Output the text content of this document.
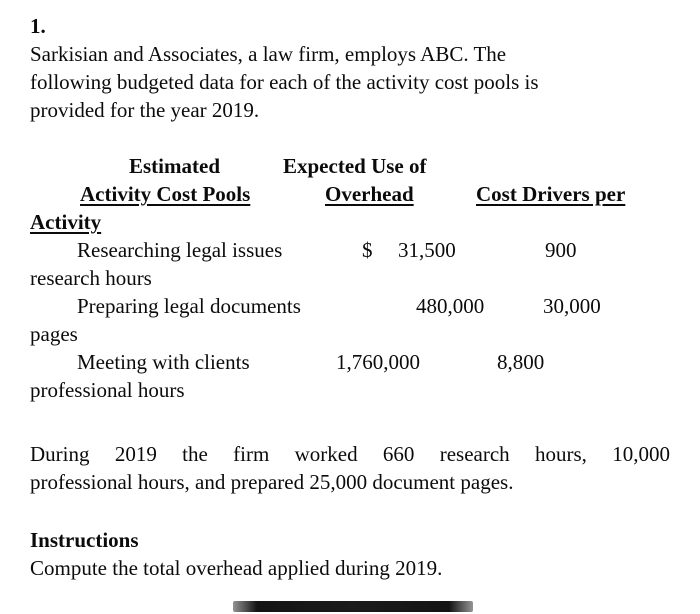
1.
Sarkisian and Associates, a law firm, employs ABC. The
following budgeted data for each of the activity cost pools is
provided for the year 2019.
Estimated	Expected Use of
Activity Cost Pools	Overhead	Cost Drivers per
Activity
Researching legal issues	$ 31,500	900
research hours
Preparing legal documents	480,000	30,000
pages
Meeting with clients	1,760,000	8,800
professional hours
During 2019 the firm worked 660 research hours, 10,000
professional hours, and prepared 25,000 document pages.
Instructions
Compute the total overhead applied during 2019.
